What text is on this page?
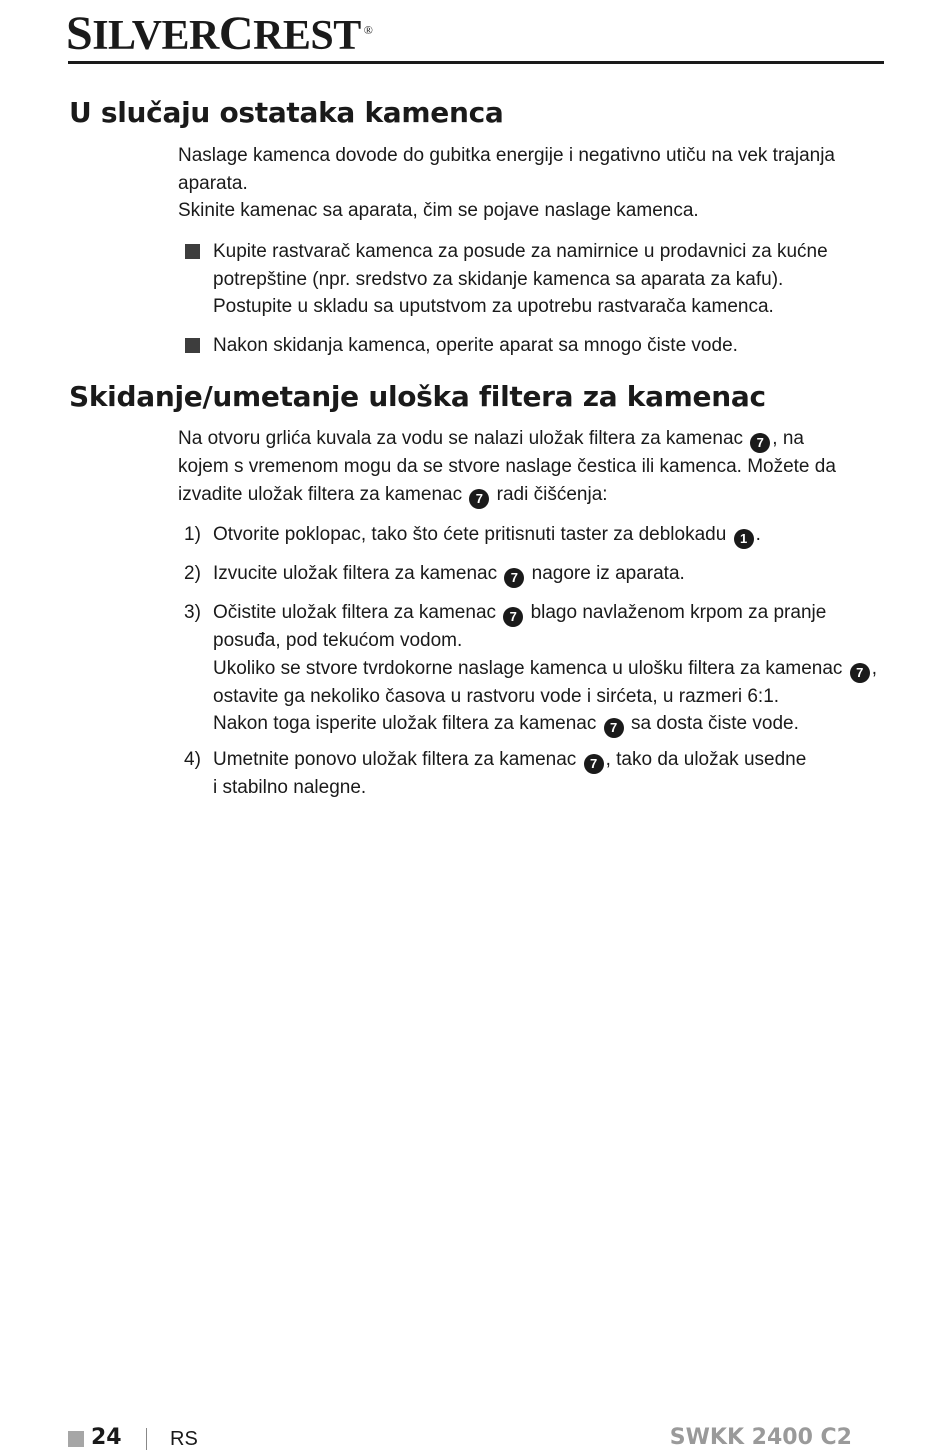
SILVERCREST ®
U slučaju ostataka kamenca

Naslage kamenca dovode do gubitka energije i negativno utiču na vek trajanja
aparata.
Skinite kamenac sa aparata, čim se pojave naslage kamenca.

Kupite rastvarač kamenca za posude za namirnice u prodavnici za kućne
potrepštine (npr. sredstvo za skidanje kamenca sa aparata za kafu).
Postupite u skladu sa uputstvom za upotrebu rastvarača kamenca.
Nakon skidanja kamenca, operite aparat sa mnogo čiste vode.
Skidanje/umetanje uloška filtera za kamenac

Na otvoru grlića kuvala za vodu se nalazi uložak filtera za kamenac 7 , na
kojem s vremenom mogu da se stvore naslage čestica ili kamenca. Možete da
izvadite uložak filtera za kamenac 7 radi čišćenja:

1) Otvorite poklopac, tako što ćete pritisnuti taster za deblokadu 1 .
2) Izvucite uložak filtera za kamenac 7 nagore iz aparata.
3) Očistite uložak filtera za kamenac 7 blago navlaženom krpom za pranje
posuđa, pod tekućom vodom.
Ukoliko se stvore tvrdokorne naslage kamenca u ulošku filtera za kamenac 7 ,
ostavite ga nekoliko časova u rastvoru vode i sirćeta, u razmeri 6:1.
Nakon toga isperite uložak filtera za kamenac 7 sa dosta čiste vode.
4) Umetnite ponovo uložak filtera za kamenac 7 , tako da uložak usedne
i stabilno nalegne.
24 RS	SWKK 2400 C2
